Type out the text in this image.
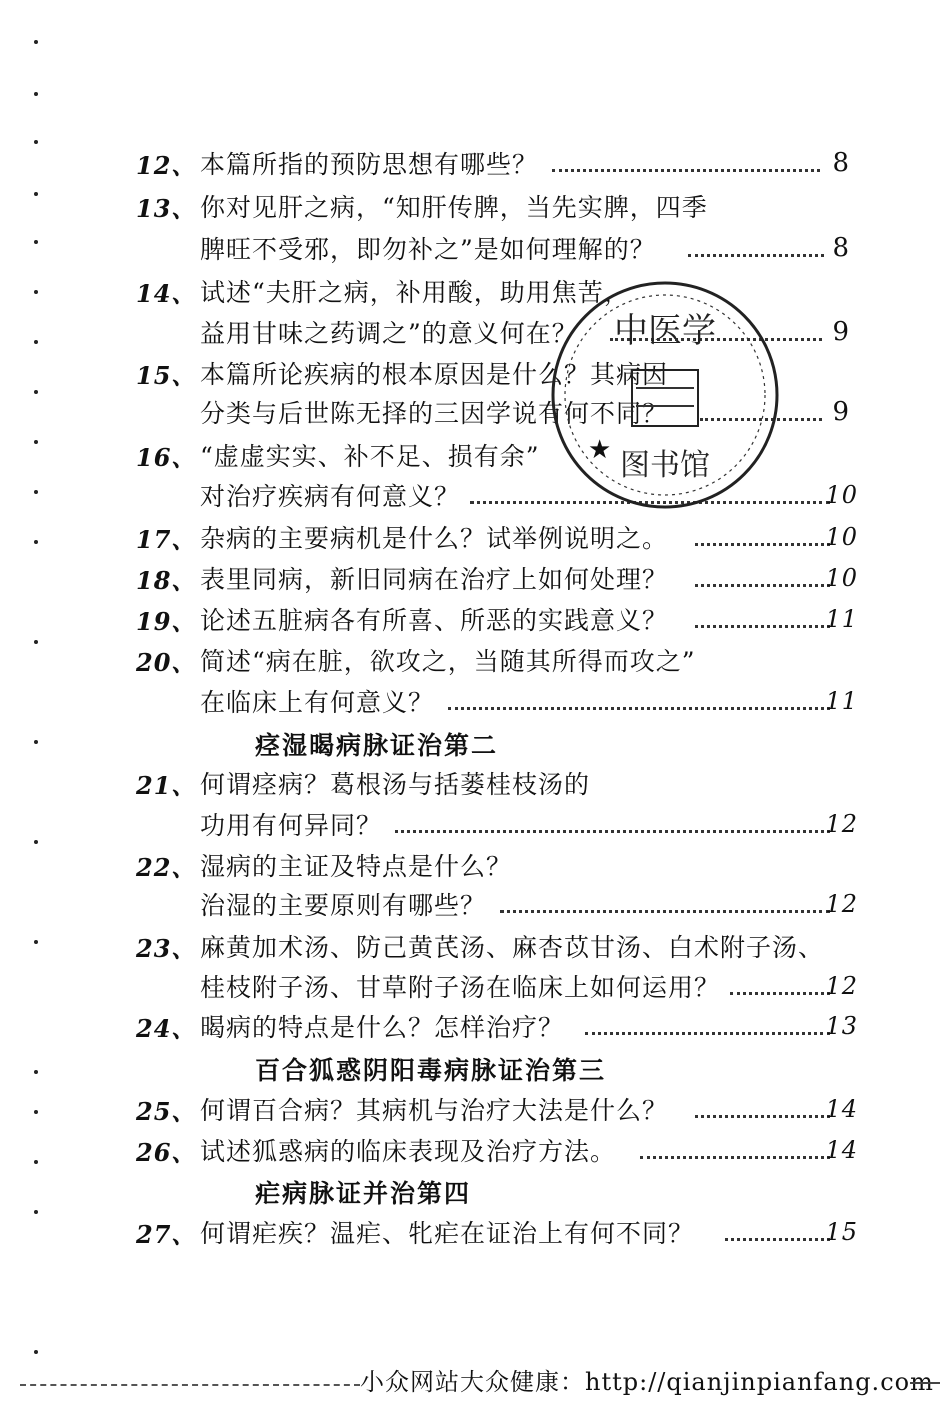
12、 本篇所指的预防思想有哪些？	8
13、 你对见肝之病，“知肝传脾，当先实脾，四季
脾旺不受邪，即勿补之”是如何理解的？	8
14、 试述“夫肝之病，补用酸，助用焦苦，
益用甘味之药调之”的意义何在？	9
15、 本篇所论疾病的根本原因是什么？其病因
分类与后世陈无择的三因学说有何不同？	9
16、 “虚虚实实、补不足、损有余”
对治疗疾病有何意义？	10
17、 杂病的主要病机是什么？试举例说明之。	10
18、 表里同病，新旧同病在治疗上如何处理？	10
19、 论述五脏病各有所喜、所恶的实践意义？	11
20、 简述“病在脏，欲攻之，当随其所得而攻之”
在临床上有何意义？	11
痉湿暍病脉证治第二
21、 何谓痉病？葛根汤与括蒌桂枝汤的
功用有何异同？	12
22、 湿病的主证及特点是什么？
治湿的主要原则有哪些？	12
23、 麻黄加术汤、防己黄芪汤、麻杏苡甘汤、白术附子汤、
桂枝附子汤、甘草附子汤在临床上如何运用？	12
24、 暍病的特点是什么？怎样治疗？	13
百合狐惑阴阳毒病脉证治第三
25、 何谓百合病？其病机与治疗大法是什么？	14
26、 试述狐惑病的临床表现及治疗方法。	14
疟病脉证并治第四
27、 何谓疟疾？温疟、牝疟在证治上有何不同？	15
中医学
图书馆
★
小众网站大众健康：http://qianjinpianfang.com
